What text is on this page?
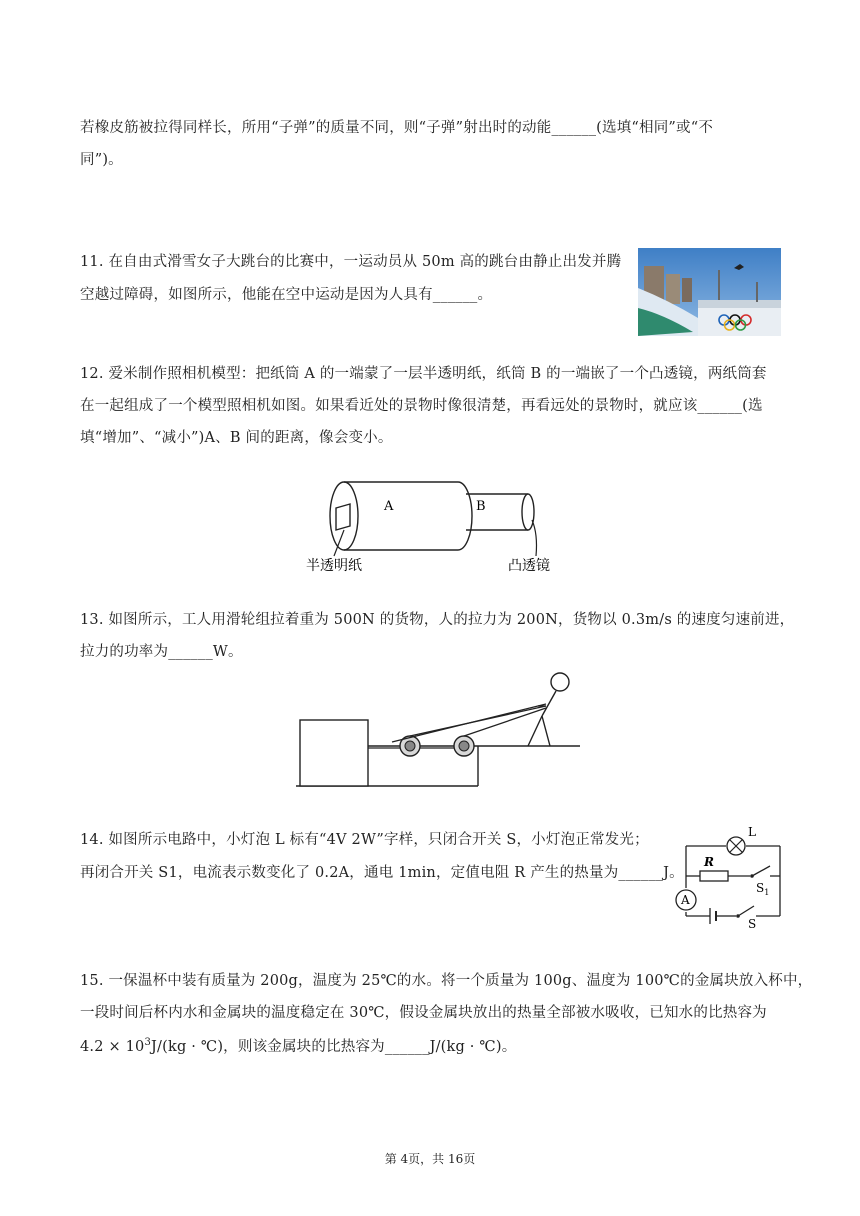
若橡皮筋被拉得同样长，所用“子弹”的质量不同，则“子弹”射出时的动能______(选填“相同”或“不
同”)。
11. 在自由式滑雪女子大跳台的比赛中，一运动员从 50m 高的跳台由静止出发并腾
空越过障碍，如图所示，他能在空中运动是因为人具有______。
12. 爱米制作照相机模型：把纸筒 A 的一端蒙了一层半透明纸，纸筒 B 的一端嵌了一个凸透镜，两纸筒套
在一起组成了一个模型照相机如图。如果看近处的景物时像很清楚，再看远处的景物时，就应该______(选
填“增加”、“减小”)A、B 间的距离，像会变小。
A	B
半透明纸	凸透镜
13. 如图所示，工人用滑轮组拉着重为 500N 的货物，人的拉力为 200N，货物以 0.3m/s 的速度匀速前进，
拉力的功率为______W。
14. 如图所示电路中，小灯泡 L 标有“4V 2W”字样，只闭合开关 S，小灯泡正常发光；
再闭合开关 S1，电流表示数变化了 0.2A，通电 1min，定值电阻 R 产生的热量为______J。
L
R
$S_1$
A
S
15. 一保温杯中装有质量为 200g，温度为 25℃的水。将一个质量为 100g、温度为 100℃的金属块放入杯中，
一段时间后杯内水和金属块的温度稳定在 30℃，假设金属块放出的热量全部被水吸收，已知水的比热容为
$4.2 \times 10^3J/(kg$ · ℃)，则该金属块的比热容为______J/(kg · ℃)。
第 4页，共 16页
